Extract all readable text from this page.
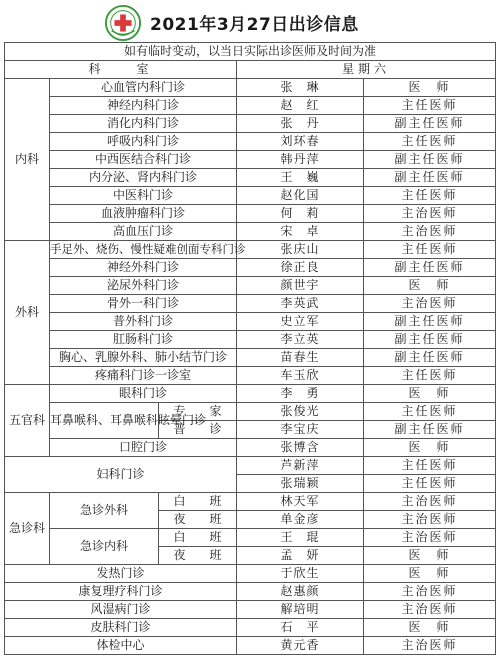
2021年3月27日出诊信息
如有临时变动，以当日实际出诊医师及时间为准				
科　　室			星期六	
内科	心血管内科门诊		张　琳	医　师
	神经内科门诊		赵　红	主任医师
	消化内科门诊		张　丹	副主任医师
	呼吸内科门诊		刘环春	主任医师
	中西医结合科门诊		韩丹萍	副主任医师
	内分泌、肾内科门诊		王　巍	副主任医师
	中医科门诊		赵化国	主任医师
	血液肿瘤科门诊		何　莉	主治医师
	高血压门诊		宋　卓	主治医师
外科	手足外、烧伤、慢性疑难创面专科门诊		张庆山	主任医师
	神经外科门诊		徐正良	副主任医师
	泌尿外科门诊		颜世宇	医　师
	骨外一科门诊		李英武	主治医师
	普外科门诊		史立军	副主任医师
	肛肠科门诊		李立英	副主任医师
	胸心、乳腺外科、肺小结节门诊		苗春生	副主任医师
	疼痛科门诊一诊室		车玉欣	主任医师
五官科	眼科门诊		李　勇	医　师
	耳鼻喉科、耳鼻喉科眩晕门诊	专　　家	张俊光	主任医师
		普　　诊	李宝庆	副主任医师
	口腔门诊		张博含	医　师
妇科门诊			芦新萍	主任医师
			张瑞颖	主任医师
急诊科	急诊外科	白　　班	林天军	主治医师
		夜　　班	单金彦	主治医师
	急诊内科	白　　班	王　琨	主治医师
		夜　　班	孟　妍	医　师
发热门诊			于欣生	医　师
康复理疗科门诊			赵惠颜	主治医师
风湿病门诊			解培明	主治医师
皮肤科门诊			石　平	医　师
体检中心			黄元香	主治医师
